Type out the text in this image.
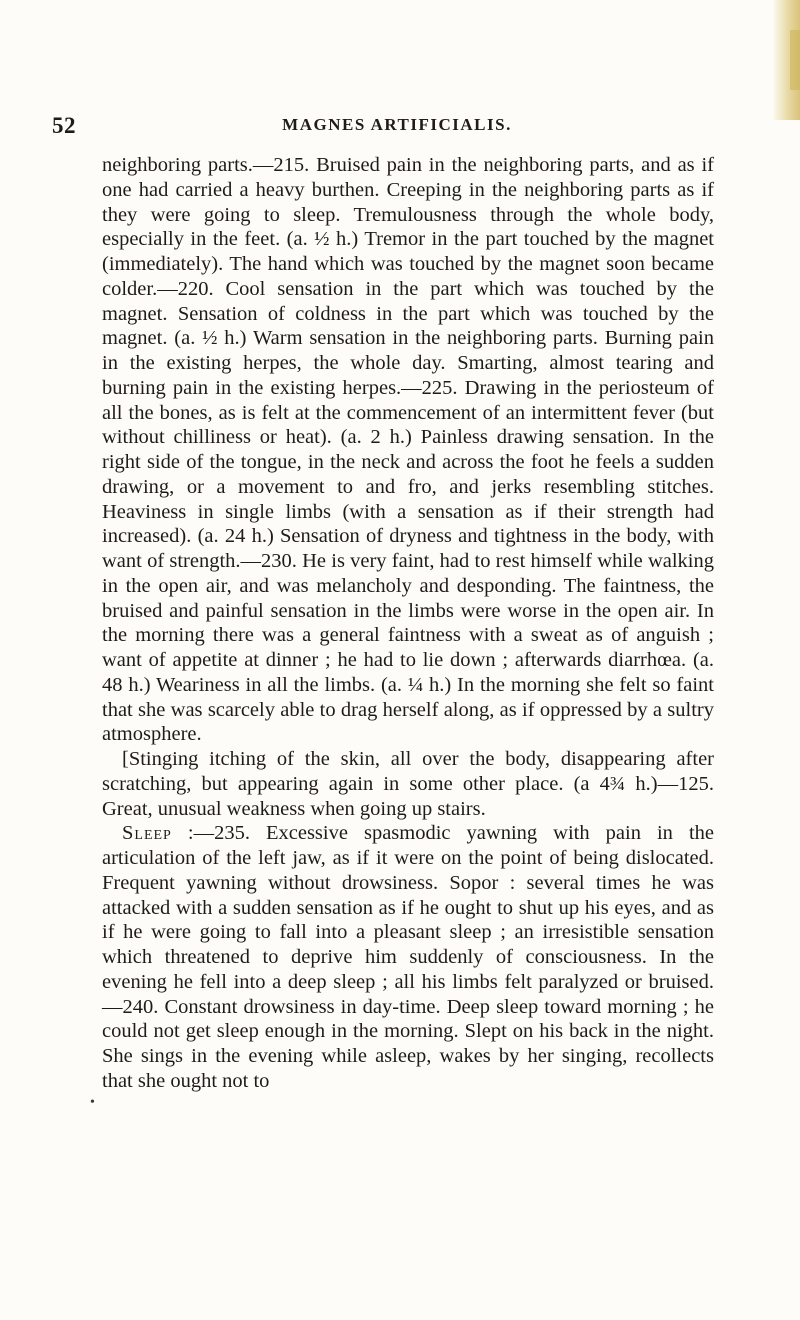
52	MAGNES ARTIFICIALIS.

neighboring parts.—215. Bruised pain in the neighboring parts, and as if one had carried a heavy burthen. Creeping in the neighboring parts as if they were going to sleep. Tremulousness through the whole body, especially in the feet. (a. ½ h.) Tremor in the part touched by the magnet (immediately). The hand which was touched by the magnet soon became colder.—220. Cool sensation in the part which was touched by the magnet. Sensation of coldness in the part which was touched by the magnet. (a. ½ h.) Warm sensation in the neighboring parts. Burning pain in the existing herpes, the whole day. Smarting, almost tearing and burning pain in the existing herpes.—225. Drawing in the periosteum of all the bones, as is felt at the commencement of an intermittent fever (but without chilliness or heat). (a. 2 h.) Painless drawing sensation. In the right side of the tongue, in the neck and across the foot he feels a sudden drawing, or a movement to and fro, and jerks resembling stitches. Heaviness in single limbs (with a sensation as if their strength had increased). (a. 24 h.) Sensation of dryness and tightness in the body, with want of strength.—230. He is very faint, had to rest himself while walking in the open air, and was melancholy and desponding. The faintness, the bruised and painful sensation in the limbs were worse in the open air. In the morning there was a general faintness with a sweat as of anguish ; want of appetite at dinner ; he had to lie down ; afterwards diarrhœa. (a. 48 h.) Weariness in all the limbs. (a. ¼ h.) In the morning she felt so faint that she was scarcely able to drag herself along, as if oppressed by a sultry atmosphere.

[Stinging itching of the skin, all over the body, disappearing after scratching, but appearing again in some other place. (a 4¾ h.)—125. Great, unusual weakness when going up stairs.

Sleep :—235. Excessive spasmodic yawning with pain in the articulation of the left jaw, as if it were on the point of being dislocated. Frequent yawning without drowsiness. Sopor : several times he was attacked with a sudden sensation as if he ought to shut up his eyes, and as if he were going to fall into a pleasant sleep ; an irresistible sensation which threatened to deprive him suddenly of consciousness. In the evening he fell into a deep sleep ; all his limbs felt paralyzed or bruised. —240. Constant drowsiness in day-time. Deep sleep toward morning ; he could not get sleep enough in the morning. Slept on his back in the night. She sings in the evening while asleep, wakes by her singing, recollects that she ought not to

•
